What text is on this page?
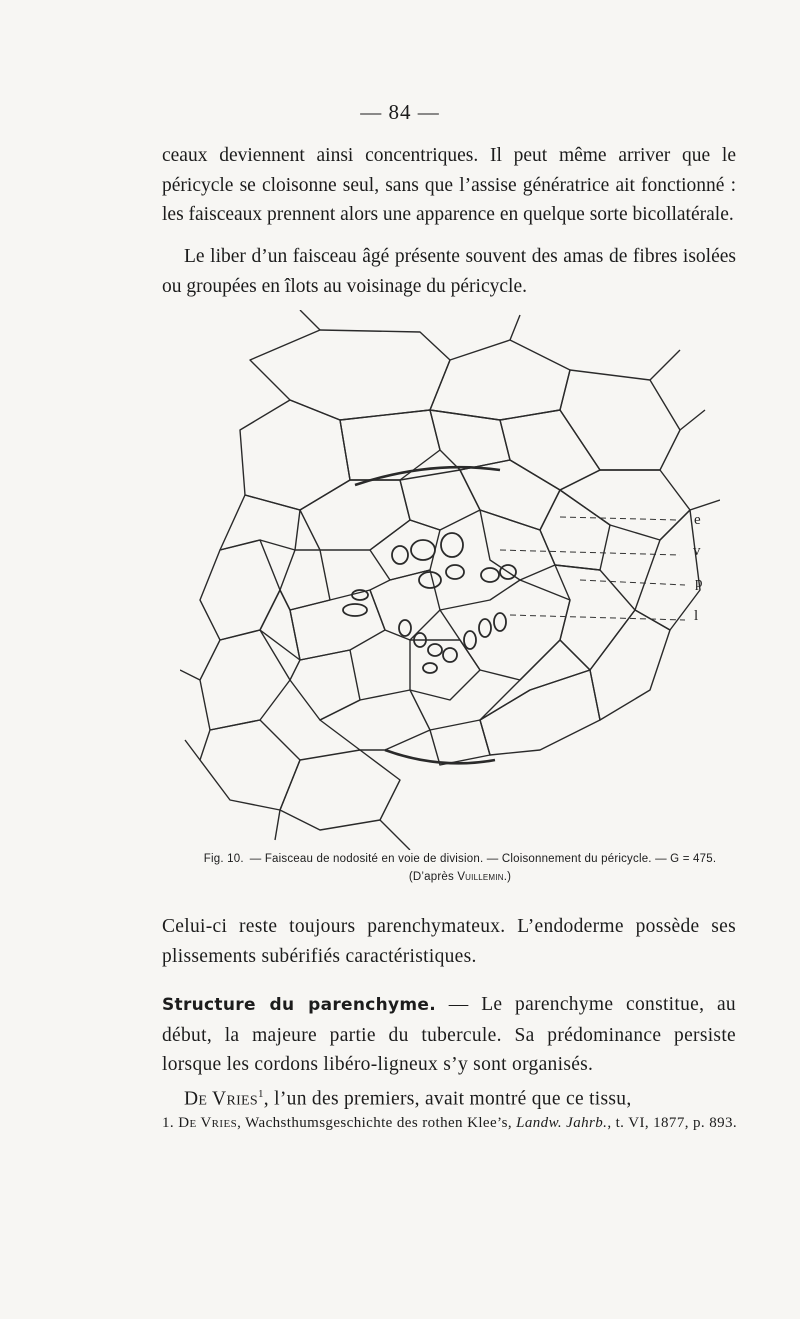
— 84 —

ceaux deviennent ainsi concentriques. Il peut même arriver que le péricycle se cloisonne seul, sans que l’assise génératrice ait fonctionné : les faisceaux prennent alors une apparence en quelque sorte bicollatérale.

Le liber d’un faisceau âgé présente souvent des amas de fibres isolées ou groupées en îlots au voisinage du péricycle.

e
v
p
l
Fig. 10. — Faisceau de nodosité en voie de division. — Cloisonnement du péricycle. — G = 475.
(D’après Vuillemin.)

Celui-ci reste toujours parenchymateux. L’endoderme possède ses plissements subérifiés caractéristiques.

Structure du parenchyme. — Le parenchyme constitue, au début, la majeure partie du tubercule. Sa prédominance persiste lorsque les cordons libéro-ligneux s’y sont organisés.
De Vries$^1$, l’un des premiers, avait montré que ce tissu,

1. De Vries, Wachsthumsgeschichte des rothen Klee’s, Landw. Jahrb., t. VI, 1877, p. 893.
